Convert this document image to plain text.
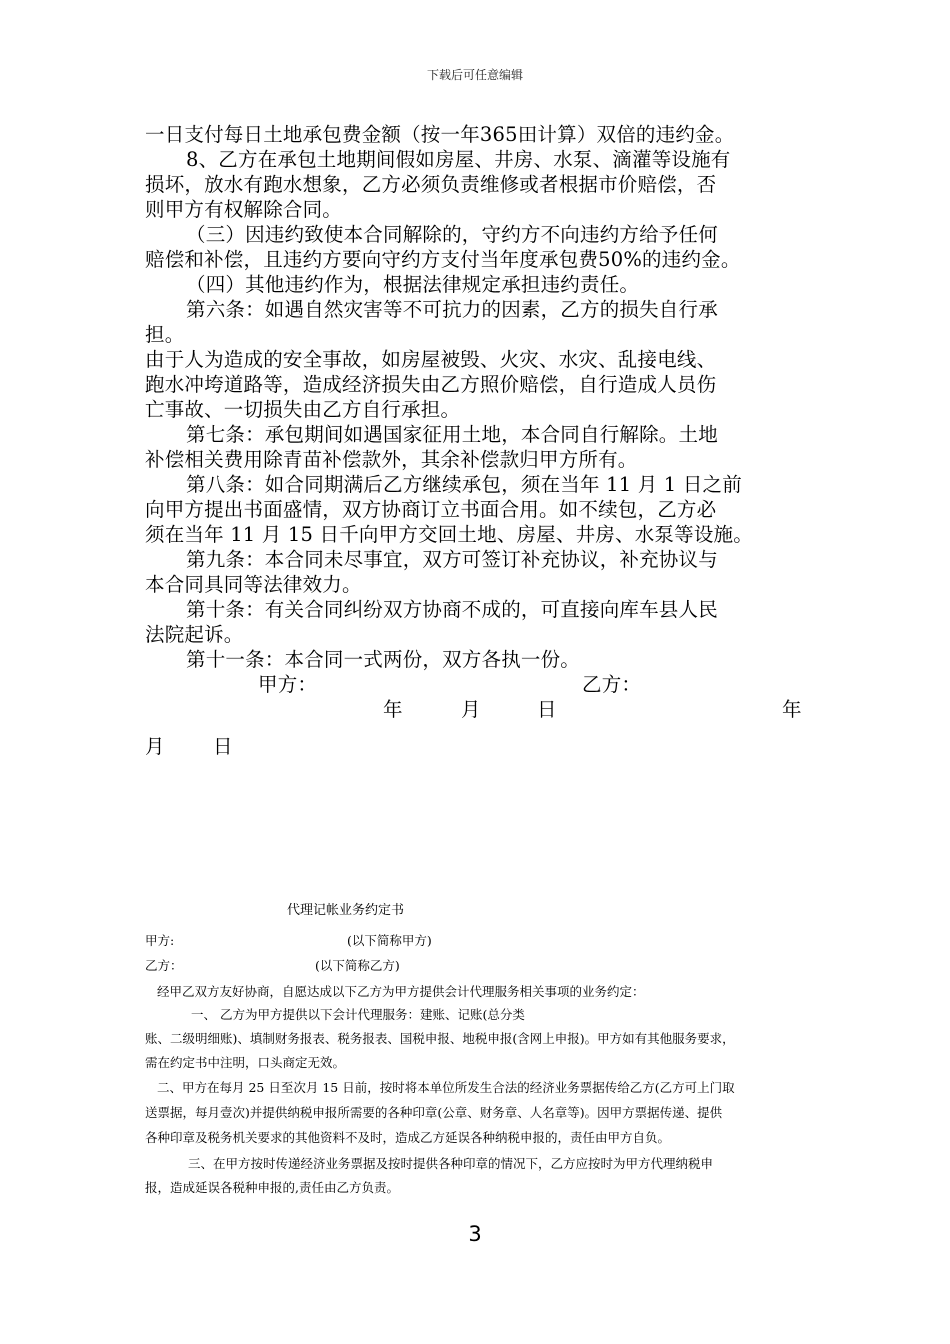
下载后可任意编辑
一日支付每日土地承包费金额（按一年365田计算）双倍的违约金。
8、乙方在承包土地期间假如房屋、井房、水泵、滴灌等设施有
损坏，放水有跑水想象，乙方必须负责维修或者根据市价赔偿，否
则甲方有权解除合同。
（三）因违约致使本合同解除的，守约方不向违约方给予任何
赔偿和补偿，且违约方要向守约方支付当年度承包费50%的违约金。
（四）其他违约作为，根据法律规定承担违约责任。
第六条：如遇自然灾害等不可抗力的因素，乙方的损失自行承
担。
由于人为造成的安全事故，如房屋被毁、火灾、水灾、乱接电线、
跑水冲垮道路等，造成经济损失由乙方照价赔偿，自行造成人员伤
亡事故、一切损失由乙方自行承担。
第七条：承包期间如遇国家征用土地，本合同自行解除。土地
补偿相关费用除青苗补偿款外，其余补偿款归甲方所有。
第八条：如合同期满后乙方继续承包，须在当年 11 月 1 日之前
向甲方提出书面盛情，双方协商订立书面合用。如不续包，乙方必
须在当年 11 月 15 日千向甲方交回土地、房屋、井房、水泵等设施。
第九条：本合同未尽事宜，双方可签订补充协议，补充协议与
本合同具同等法律效力。
第十条：有关合同纠纷双方协商不成的，可直接向库车县人民
法院起诉。
第十一条：本合同一式两份，双方各执一份。
甲方：	乙方：
年	月	日	年
月 日
代理记帐业务约定书
甲方:	(以下简称甲方)
乙方：	(以下简称乙方)
经甲乙双方友好协商，自愿达成以下乙方为甲方提供会计代理服务相关事项的业务约定：
一、 乙方为甲方提供以下会计代理服务：建账、记账(总分类
账、二级明细账)、填制财务报表、税务报表、国税申报、地税申报(含网上申报)。甲方如有其他服务要求，
需在约定书中注明，口头商定无效。
二、甲方在每月 25 日至次月 15 日前，按时将本单位所发生合法的经济业务票据传给乙方(乙方可上门取
送票据，每月壹次)并提供纳税申报所需要的各种印章(公章、财务章、人名章等)。因甲方票据传递、提供
各种印章及税务机关要求的其他资料不及时，造成乙方延误各种纳税申报的，责任由甲方自负。
三、在甲方按时传递经济业务票据及按时提供各种印章的情况下，乙方应按时为甲方代理纳税申
报，造成延误各税种申报的,责任由乙方负责。
3
